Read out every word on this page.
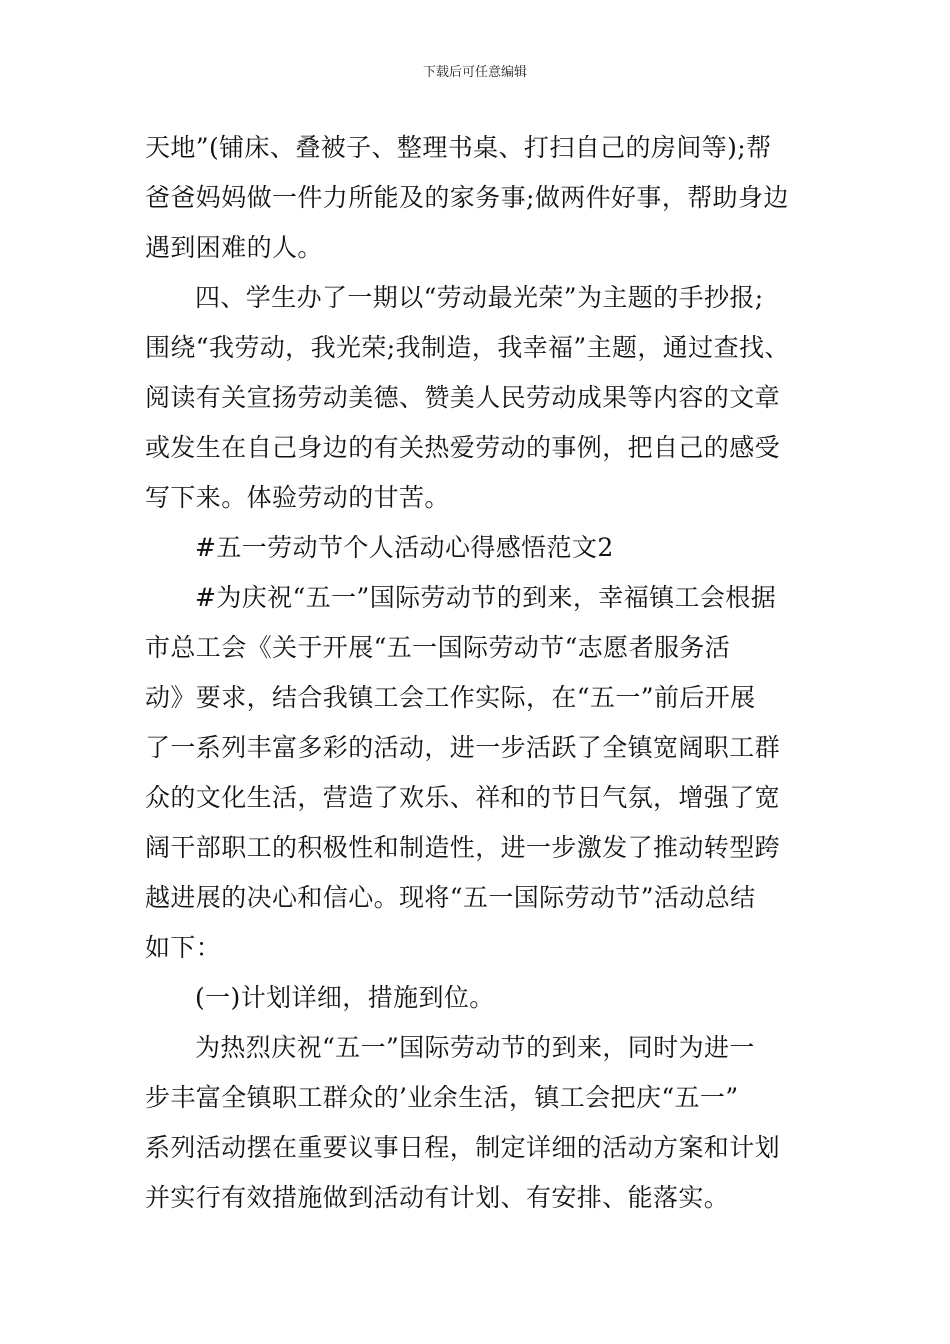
下载后可任意编辑
天地”(铺床、叠被子、整理书桌、打扫自己的房间等);帮
爸爸妈妈做一件力所能及的家务事;做两件好事，帮助身边
遇到困难的人。
四、学生办了一期以“劳动最光荣”为主题的手抄报;
围绕“我劳动，我光荣;我制造，我幸福”主题，通过查找、
阅读有关宣扬劳动美德、赞美人民劳动成果等内容的文章
或发生在自己身边的有关热爱劳动的事例，把自己的感受
写下来。体验劳动的甘苦。
#五一劳动节个人活动心得感悟范文2
#为庆祝“五一”国际劳动节的到来，幸福镇工会根据
市总工会《关于开展“五一国际劳动节“志愿者服务活
动》要求，结合我镇工会工作实际，在“五一”前后开展
了一系列丰富多彩的活动，进一步活跃了全镇宽阔职工群
众的文化生活，营造了欢乐、祥和的节日气氛，增强了宽
阔干部职工的积极性和制造性，进一步激发了推动转型跨
越进展的决心和信心。现将“五一国际劳动节”活动总结
如下：
(一)计划详细，措施到位。
为热烈庆祝“五一”国际劳动节的到来，同时为进一
步丰富全镇职工群众的’业余生活，镇工会把庆“五一”
系列活动摆在重要议事日程，制定详细的活动方案和计划
并实行有效措施做到活动有计划、有安排、能落实。
